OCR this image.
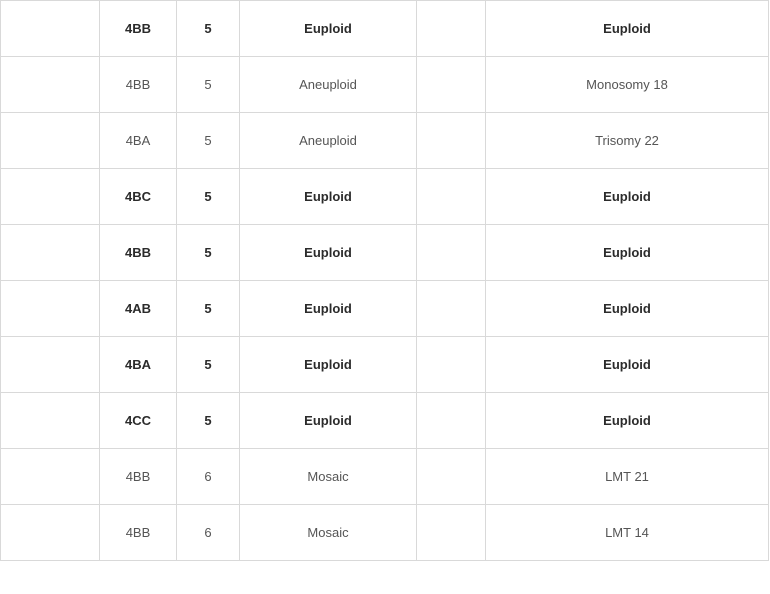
	4BB	5	Euploid		Euploid

	4BB	5	Aneuploid		Monosomy 18

	4BA	5	Aneuploid		Trisomy 22

	4BC	5	Euploid		Euploid

	4BB	5	Euploid		Euploid

	4AB	5	Euploid		Euploid

	4BA	5	Euploid		Euploid

	4CC	5	Euploid		Euploid

	4BB	6	Mosaic		LMT 21

	4BB	6	Mosaic		LMT 14
